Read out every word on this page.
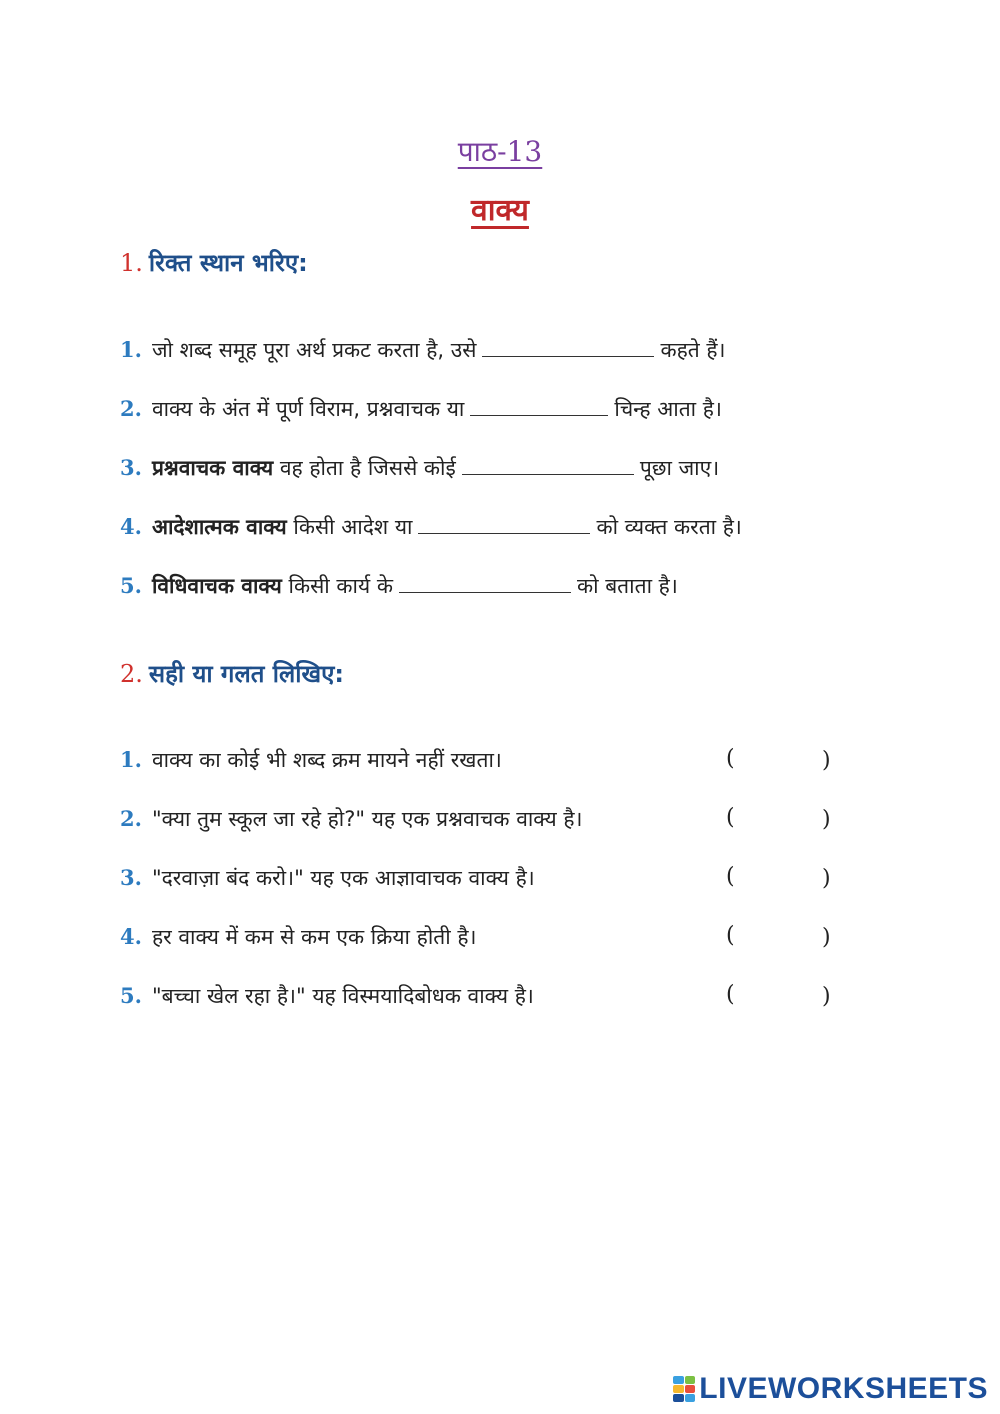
पाठ-13
वाक्य
1. रिक्त स्थान भरिए:
1. जो शब्द समूह पूरा अर्थ प्रकट करता है, उसे	कहते हैं।
2. वाक्य के अंत में पूर्ण विराम, प्रश्नवाचक या	चिन्ह आता है।
3. प्रश्नवाचक वाक्य वह होता है जिससे कोई	पूछा जाए।
4. आदेशात्मक वाक्य किसी आदेश या	को व्यक्त करता है।
5. विधिवाचक वाक्य किसी कार्य के	को बताता है।
2. सही या गलत लिखिए:
1. वाक्य का कोई भी शब्द क्रम मायने नहीं रखता।	(	)
2. "क्या तुम स्कूल जा रहे हो?" यह एक प्रश्नवाचक वाक्य है।	(	)
3. "दरवाज़ा बंद करो।" यह एक आज्ञावाचक वाक्य है।	(	)
4. हर वाक्य में कम से कम एक क्रिया होती है।	(	)
5. "बच्चा खेल रहा है।" यह विस्मयादिबोधक वाक्य है।	(	)
LIVEWORKSHEETS
